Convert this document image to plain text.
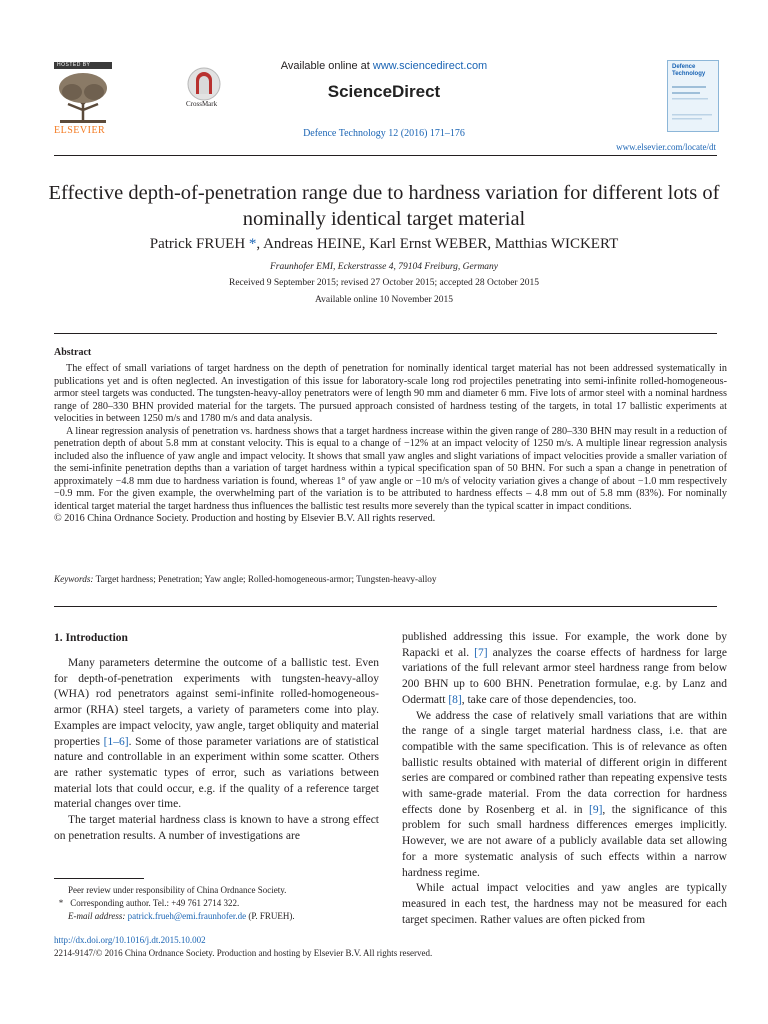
HOSTED BY
ELSEVIER
CrossMark
Available online at www.sciencedirect.com
ScienceDirect
Defence Technology 12 (2016) 171–176
Defence Technology
www.elsevier.com/locate/dt
Effective depth-of-penetration range due to hardness variation for different lots of nominally identical target material
Patrick FRUEH *, Andreas HEINE, Karl Ernst WEBER, Matthias WICKERT
Fraunhofer EMI, Eckerstrasse 4, 79104 Freiburg, Germany
Received 9 September 2015; revised 27 October 2015; accepted 28 October 2015
Available online 10 November 2015
Abstract

The effect of small variations of target hardness on the depth of penetration for nominally identical target material has not been addressed systematically in publications yet and is often neglected. An investigation of this issue for laboratory-scale long rod projectiles penetrating into semi-infinite rolled-homogeneous-armor steel targets was conducted. The tungsten-heavy-alloy penetrators were of length 90 mm and diameter 6 mm. Five lots of armor steel with a nominal hardness range of 280–330 BHN provided material for the targets. The pursued approach consisted of hardness testing of the targets, in total 17 ballistic experiments at velocities in between 1250 m/s and 1780 m/s and data analysis.

A linear regression analysis of penetration vs. hardness shows that a target hardness increase within the given range of 280–330 BHN may result in a reduction of penetration depth of about 5.8 mm at constant velocity. This is equal to a change of −12% at an impact velocity of 1250 m/s. A multiple linear regression analysis included also the influence of yaw angle and impact velocity. It shows that small yaw angles and slight variations of impact velocities provide a smaller variation of the semi-infinite penetration depths than a variation of target hardness within a typical specification span of 50 BHN. For such a span a change in penetration of approximately −4.8 mm due to hardness variation is found, whereas 1° of yaw angle or −10 m/s of velocity variation gives a change of about −1.0 mm respectively −0.9 mm. For the given example, the overwhelming part of the variation is to be attributed to hardness effects – 4.8 mm out of 5.8 mm (83%). For nominally identical target material the target hardness thus influences the ballistic test results more severely than the typical scatter in impact conditions.

© 2016 China Ordnance Society. Production and hosting by Elsevier B.V. All rights reserved.

Keywords: Target hardness; Penetration; Yaw angle; Rolled-homogeneous-armor; Tungsten-heavy-alloy
1. Introduction

Many parameters determine the outcome of a ballistic test. Even for depth-of-penetration experiments with tungsten-heavy-alloy (WHA) rod penetrators against semi-infinite rolled-homogeneous-armor (RHA) steel targets, a variety of parameters come into play. Examples are impact velocity, yaw angle, target obliquity and material properties [1–6]. Some of those parameter variations are of statistical nature and controllable in an experiment within some scatter. Others are rather systematic types of error, such as variations between material lots that could occur, e.g. if the quality of a reference target material changes over time.

The target material hardness class is known to have a strong effect on penetration results. A number of investigations are

published addressing this issue. For example, the work done by Rapacki et al. [7] analyzes the coarse effects of hardness for large variations of the full relevant armor steel hardness range from below 200 BHN up to 600 BHN. Penetration formulae, e.g. by Lanz and Odermatt [8], take care of those dependencies, too.

We address the case of relatively small variations that are within the range of a single target material hardness class, i.e. that are compatible with the same specification. This is of relevance as often ballistic results obtained with material of different origin in different series are compared or combined rather than repeating expensive tests with same-grade material. From the data correction for hardness effects done by Rosenberg et al. in [9], the significance of this problem for such small hardness differences emerges implicitly. However, we are not aware of a publicly available data set allowing for a more systematic analysis of such effects within a narrow hardness regime.

While actual impact velocities and yaw angles are typically measured in each test, the hardness may not be measured for each target specimen. Rather values are often picked from

Peer review under responsibility of China Ordnance Society.
* Corresponding author. Tel.: +49 761 2714 322.
E-mail address: patrick.frueh@emi.fraunhofer.de (P. FRUEH).
http://dx.doi.org/10.1016/j.dt.2015.10.002
2214-9147/© 2016 China Ordnance Society. Production and hosting by Elsevier B.V. All rights reserved.
